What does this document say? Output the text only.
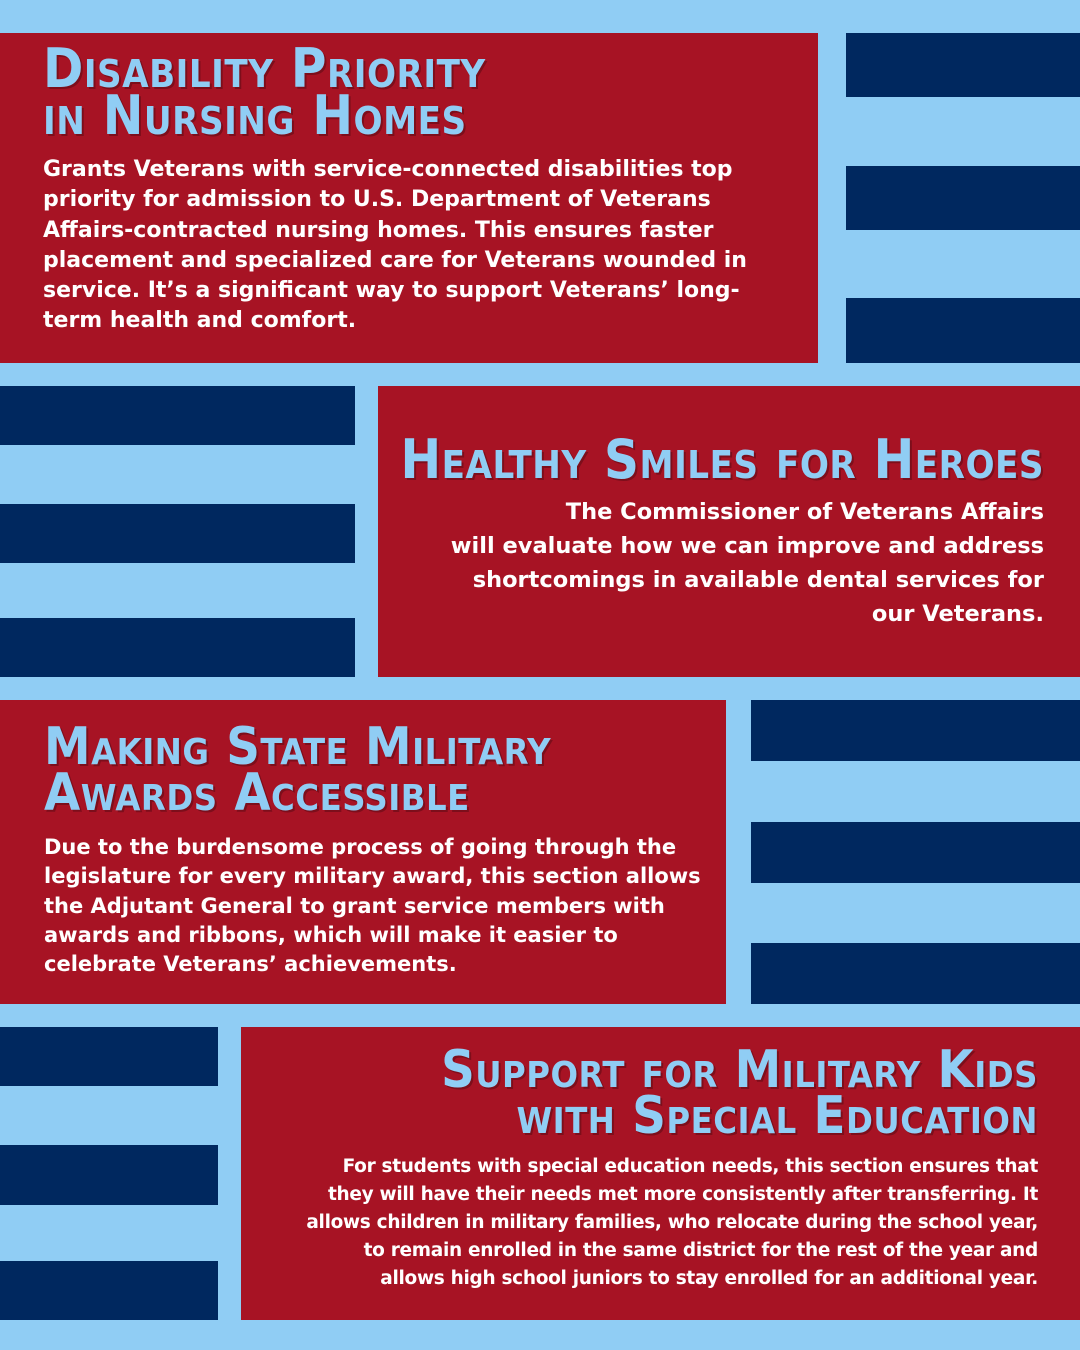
Disability Priority
in Nursing Homes

Grants Veterans with service-connected disabilities top priority for admission to U.S. Department of Veterans Affairs-contracted nursing homes. This ensures faster placement and specialized care for Veterans wounded in service. It’s a significant way to support Veterans’ long-term health and comfort.

Healthy Smiles for Heroes

The Commissioner of Veterans Affairs
will evaluate how we can improve and address
shortcomings in available dental services for
our Veterans.

Making State Military
Awards Accessible

Due to the burdensome process of going through the legislature for every military award, this section allows the Adjutant General to grant service members with awards and ribbons, which will make it easier to celebrate Veterans’ achievements.

Support for Military Kids
with Special Education

For students with special education needs, this section ensures that
they will have their needs met more consistently after transferring. It
allows children in military families, who relocate during the school year,
to remain enrolled in the same district for the rest of the year and
allows high school juniors to stay enrolled for an additional year.
